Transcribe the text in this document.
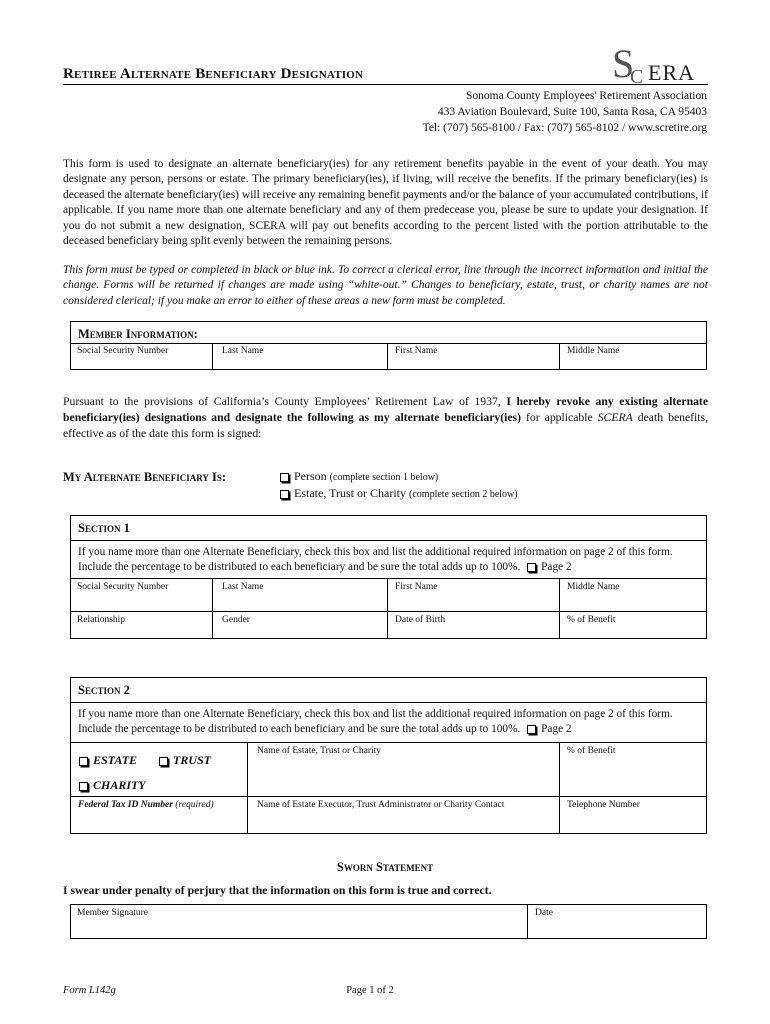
Retiree Alternate Beneficiary Designation	S
C ERA
Sonoma County Employees' Retirement Association
433 Aviation Boulevard, Suite 100, Santa Rosa, CA 95403
Tel: (707) 565-8100 / Fax: (707) 565-8102 / www.scretire.org

This form is used to designate an alternate beneficiary(ies) for any retirement benefits payable in the event of your death. You may designate any person, persons or estate. The primary beneficiary(ies), if living, will receive the benefits. If the primary beneficiary(ies) is deceased the alternate beneficiary(ies) will receive any remaining benefit payments and/or the balance of your accumulated contributions, if applicable. If you name more than one alternate beneficiary and any of them predecease you, please be sure to update your designation. If you do not submit a new designation, SCERA will pay out benefits according to the percent listed with the portion attributable to the deceased beneficiary being split evenly between the remaining persons.

This form must be typed or completed in black or blue ink. To correct a clerical error, line through the incorrect information and initial the change. Forms will be returned if changes are made using “white-out.” Changes to beneficiary, estate, trust, or charity names are not considered clerical; if you make an error to either of these areas a new form must be completed.

Member Information:
Social Security Number	Last Name	First Name	Middle Name

Pursuant to the provisions of California’s County Employees’ Retirement Law of 1937, I hereby revoke any existing alternate beneficiary(ies) designations and designate the following as my alternate beneficiary(ies) for applicable SCERA death benefits, effective as of the date this form is signed:

My Alternate Beneficiary Is:	Person (complete section 1 below)
Estate, Trust or Charity (complete section 2 below)
Section 1
If you name more than one Alternate Beneficiary, check this box and list the additional required information on page 2 of this form. Include the percentage to be distributed to each beneficiary and be sure the total adds up to 100%. Page 2
Social Security Number	Last Name	First Name	Middle Name
Relationship	Gender	Date of Birth	% of Benefit
Section 2
If you name more than one Alternate Beneficiary, check this box and list the additional required information on page 2 of this form. Include the percentage to be distributed to each beneficiary and be sure the total adds up to 100%. Page 2
ESTATE	TRUST
CHARITY
Name of Estate, Trust or Charity	% of Benefit
Federal Tax ID Number (required)	Name of Estate Executor, Trust Administrator or Charity Contact	Telephone Number
Sworn Statement
I swear under penalty of perjury that the information on this form is true and correct.
Member Signature	Date
Form L142g	Page 1 of 2
